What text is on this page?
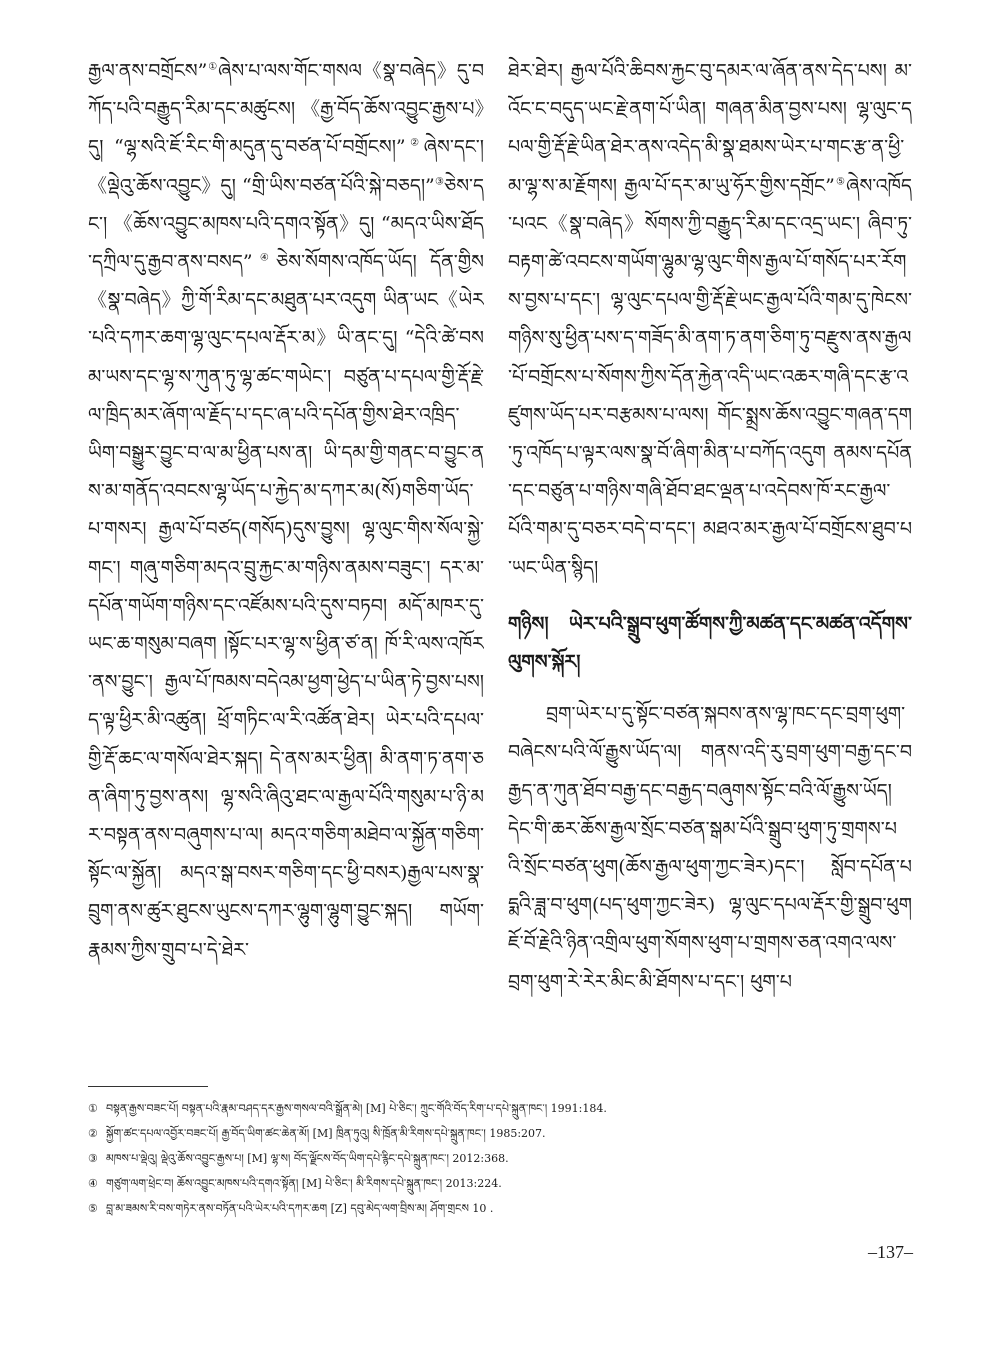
རྒྱལ་ནས་བགྲོངས”①ཞེས་པ་ལས་གོང་གསལ《སྣ་བཞེད》དུ་བཀོད་པའི་བརྒྱུད་རིམ་དང་མཚུངས། 《རྒྱ་བོད་ཆོས་འབྱུང་རྒྱས་པ》དུ། “ལྷ་སའི་ཇོ་རིང་གི་མདུན་དུ་བཙན་པོ་བགྲོངས།”②ཞེས་དང་། 《ལྡེའུ་ཆོས་འབྱུང》དུ། “གྲི་ཡིས་བཙན་པོའི་སྐེ་བཅད།”③ཅེས་དང་། 《ཆོས་འབྱུང་མཁས་པའི་དགའ་སྟོན》དུ། “མདའ་ཡིས་ཐོད་དཀྲིལ་དུ་རྒྱབ་ནས་བསད”④ཅེས་སོགས་འཁོད་ཡོད། དོན་གྱིས《སྣ་བཞེད》ཀྱི་གོ་རིམ་དང་མཐུན་པར་འདུག ཡིན་ཡང《ཡེར་པའི་དཀར་ཆག་ལྷ་ལུང་དཔལ་རྡོར་མ》ཡི་ནང་དུ། “དེའི་ཚེ་བསམ་ཡས་དང་ལྷ་ས་ཀུན་ཏུ་ལྷ་ཚང་གཡེང་། བཙུན་པ་དཔལ་གྱི་རྡོ་རྗེ་ལ་ཁྲིད་མར་ཞོག་ལ་རྗོད་པ་དང་ཞ་པའི་དཔོན་གྱིས་ཐེར་འཁྲིད་ཡིག་བསྒྱུར་བྱུང་བ་ལ་མ་ཕྱིན་པས་ན། ཡི་དམ་གྱི་གནང་བ་བྱུང་ནས་མ་གནོད་འབངས་ལྷ་ཡོད་པ་རྐྱེད་མ་དཀར་མ(སོ)གཅིག་ཡོད་པ་གསར། རྒྱལ་པོ་བཙད(གསོད)དུས་བྱུས། ལྷ་ལུང་གིས་སོལ་སྐྱེ་གང་། གཞུ་གཅིག་མདའ་བྲུ་རྐྱང་མ་གཉིས་ནམས་བཟུང་། དར་མ་དཔོན་གཡོག་གཉིས་དང་འཛོམས་པའི་དུས་བཏབ། མདོ་མཁར་དུ་ཡང་ཆ་གསུམ་བཞག །སྟོང་པར་ལྷ་ས་ཕྱིན་ཙ་ན། ཁོ་རི་ལས་འཁོར་ནས་བྱུང་། རྒྱལ་པོ་ཁམས་བདེའམ་ཕྱག་ཕྱེད་པ་ཡིན་ཏེ་བྱས་པས། ད་ལྟ་ཕྱིར་མི་འཚུན། ཕྲོ་གཏིང་ལ་རི་འཚོན་ཐེར། ཡེར་པའི་དཔལ་གྱི་རྡོ་ཆང་ལ་གསོལ་ཐེར་སྐད། དེ་ནས་མར་ཕྱིན། མི་ནག་ཏ་ནག་ཅན་ཞིག་ཏུ་བྱས་ནས། ལྷ་སའི་ཞིའུ་ཐང་ལ་རྒྱལ་པོའི་གསུམ་པ་ཉི་མར་བསྟན་ནས་བཞུགས་པ་ལ། མདའ་གཅིག་མཐེབ་ལ་སྐྱོན་གཅིག་སྟོང་ལ་སྐྱོན། མདའ་སྒ་བསར་གཅིག་དང་ཕྱི་བསར)རྒྱལ་པས་སྣ་བྲུག་ནས་ཚུར་ཐུངས་ཡུངས་དཀར་ལྷུག་ལྷུག་བྱུང་སྐད། གཡོག་རྣམས་ཀྱིས་གྲུབ་པ་དེ་ཐེར་

ཐེར་ཐེར། རྒྱལ་པོའི་ཆིབས་རྐྱང་བུ་དམར་ལ་ཞོན་ནས་དེད་པས། མ་འོང་ང་བདུད་ཡང་རྗེ་ནག་པོ་ཡིན། གཞན་མིན་བྱས་པས། ལྷ་ལུང་དཔལ་གྱི་རྡོ་རྗེ་ཡིན་ཐེར་ནས་འདེད་མི་སྣ་ཐམས་ཡེར་པ་གང་རྩ་ན་ཕྱི་མ་ལྷ་ས་མ་རྗོགས། རྒྱལ་པོ་དར་མ་ཡུ་ཧོར་གྱིས་དགྲོང”⑤ཞེས་འཁོད་པའང《སྣ་བཞེད》སོགས་ཀྱི་བརྒྱུད་རིམ་དང་འདྲ་ཡང་། ཞིབ་ཏུ་བརྟག་ཚེ་འབངས་གཡོག་ལྷུམ་ལྷ་ལུང་གིས་རྒྱལ་པོ་གསོད་པར་རོགས་བྱས་པ་དང་། ལྷ་ལུང་དཔལ་གྱི་རྡོ་རྗེ་ཡང་རྒྱལ་པོའི་གམ་དུ་ཁེངས་གཉིས་སུ་ཕྱིན་པས་ད་གཟོད་མི་ནག་ཏ་ནག་ཅིག་ཏུ་བརྫུས་ནས་རྒྱལ་པོ་བགྲོངས་པ་སོགས་ཀྱིས་དོན་རྐྱེན་འདི་ཡང་འཆར་གཞི་དང་རྩ་འཛུགས་ཡོད་པར་བརྩམས་པ་ལས། གོང་སྨྲས་ཆོས་འབྱུང་གཞན་དག་ཏུ་འཁོད་པ་ལྟར་ལས་སྣ་བོ་ཞིག་མིན་པ་བཀོད་འདུག ནམས་དཔོན་དང་བཙུན་པ་གཉིས་གཞི་ཐོབ་ཐང་ལྡན་པ་འདེབས་ཁོ་རང་རྒྱལ་པོའི་གམ་དུ་བཅར་བདེ་བ་དང་། མཐའ་མར་རྒྱལ་པོ་བགྲོངས་ཐུབ་པ་ཡང་ཡིན་སྙིད།

གཉིས། ཡེར་པའི་སྒྲུབ་ཕུག་ཚོགས་ཀྱི་མཚན་དང་མཚན་འདོགས་ལུགས་སྐོར།

བྲག་ཡེར་པ་དུ་སྟོང་བཙན་སྐབས་ནས་ལྷ་ཁང་དང་བྲག་ཕུག་བཞེངས་པའི་ལོ་རྒྱུས་ཡོད་ལ། གནས་འདི་རུ་བྲག་ཕུག་བརྒྱ་དང་བརྒྱད་ན་ཀུན་ཐོབ་བརྒྱ་དང་བརྒྱད་བཞུགས་སྟོང་བའི་ལོ་རྒྱུས་ཡོད། དེང་གི་ཆར་ཆོས་རྒྱལ་སྲོང་བཙན་སྒམ་པོའི་སྒྲུབ་ཕུག་ཏུ་གྲགས་པའི་སྲོང་བཙན་ཕུག(ཆོས་རྒྱལ་ཕུག་ཀྱང་ཟེར)དང་། སློབ་དཔོན་པདྨའི་ཟླ་བ་ཕུག(པད་ཕུག་ཀྱང་ཟེར) ལྷ་ལུང་དཔལ་རྡོར་གྱི་སྒྲུབ་ཕུག ཇོ་བོ་རྗེའི་ཉིན་འགྲིལ་ཕུག་སོགས་ཕུག་པ་གྲགས་ཅན་འགའ་ལས་བྲག་ཕུག་རེ་རེར་མིང་མི་ཐོགས་པ་དང་། ཕུག་པ

① བསྟན་རྒྱས་བཟང་པོ། བསྟན་པའི་རྣམ་བཤད་དར་རྒྱས་གསལ་བའི་སྒྲོན་མེ། [M] པེ་ཅིང་། ཀྲུང་གོའི་བོད་རིག་པ་དཔེ་སྐྲུན་ཁང་། 1991:184.
② སྐྱོག་ཚང་དཔལ་འབྱོར་བཟང་པོ། རྒྱ་བོད་ཡིག་ཚང་ཆེན་མོ། [M] ཁྲིན་ཏུའུ། སི་ཁྲོན་མི་རིགས་དཔེ་སྐྲུན་ཁང་། 1985:207.
③ མཁས་པ་ལྡེའུ། ལྡེའུ་ཆོས་འབྱུང་རྒྱས་པ། [M] ལྷ་ས། བོད་ལྗོངས་བོད་ཡིག་དཔེ་རྙིང་དཔེ་སྐྲུན་ཁང་། 2012:368.
④ གཙུག་ལག་ཕྲེང་བ། ཆོས་འབྱུང་མཁས་པའི་དགའ་སྟོན། [M] པེ་ཅིང་། མི་རིགས་དཔེ་སྐྲུན་ཁང་། 2013:224.
⑤ བླ་མ་ཟམས་རི་བས་གཏེར་ནས་བཏོན་པའི་ཡེར་པའི་དཀར་ཆག [Z] དབུ་མེད་ལག་བྲིས་མ། ཤོག་གྲངས 10 .
–137–
